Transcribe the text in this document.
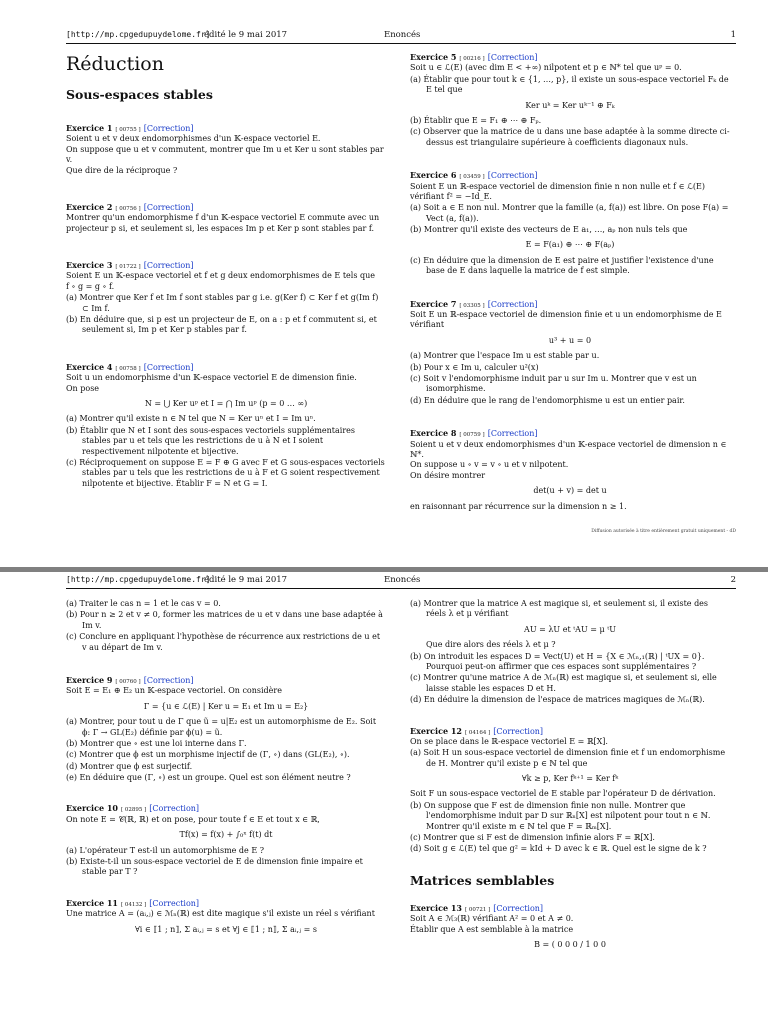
[http://mp.cpgedupuydelome.fr]
édité le 9 mai 2017	Enoncés	1
Réduction
Sous-espaces stables
Exercice 1 [ 00755 ] [Correction]

Soient u et v deux endomorphismes d'un 𝕂-espace vectoriel E.

On suppose que u et v commutent, montrer que Im u et Ker u sont stables par v.

Que dire de la réciproque ?

Exercice 2 [ 00756 ] [Correction]

Montrer qu'un endomorphisme f d'un 𝕂-espace vectoriel E commute avec un

projecteur p si, et seulement si, les espaces Im p et Ker p sont stables par f.

Exercice 3 [ 01722 ] [Correction]

Soient E un 𝕂-espace vectoriel et f et g deux endomorphismes de E tels que

f ∘ g = g ∘ f.

(a) Montrer que Ker f et Im f sont stables par g i.e. g(Ker f) ⊂ Ker f et g(Im f) ⊂ Im f.

(b) En déduire que, si p est un projecteur de E, on a : p et f commutent si, et seulement si, Im p et Ker p stables par f.

Exercice 4 [ 00758 ] [Correction]

Soit u un endomorphisme d'un 𝕂-espace vectoriel E de dimension finie.

On pose

N = ⋃ Ker uᵖ et I = ⋂ Im uᵖ (p = 0 … ∞)

(a) Montrer qu'il existe n ∈ ℕ tel que N = Ker uⁿ et I = Im uⁿ.

(b) Établir que N et I sont des sous-espaces vectoriels supplémentaires stables par u et tels que les restrictions de u à N et I soient respectivement nilpotente et bijective.

(c) Réciproquement on suppose E = F ⊕ G avec F et G sous-espaces vectoriels stables par u tels que les restrictions de u à F et G soient respectivement nilpotente et bijective. Établir F = N et G = I.

Exercice 5 [ 00216 ] [Correction]

Soit u ∈ ℒ(E) (avec dim E < +∞) nilpotent et p ∈ ℕ* tel que uᵖ = 0.

(a) Établir que pour tout k ∈ {1, …, p}, il existe un sous-espace vectoriel Fₖ de E tel que

Ker uᵏ = Ker uᵏ⁻¹ ⊕ Fₖ

(b) Établir que E = F₁ ⊕ ⋯ ⊕ Fₚ.

(c) Observer que la matrice de u dans une base adaptée à la somme directe ci-dessus est triangulaire supérieure à coefficients diagonaux nuls.

Exercice 6 [ 03459 ] [Correction]

Soient E un ℝ-espace vectoriel de dimension finie n non nulle et f ∈ ℒ(E)

vérifiant f² = −Id_E.

(a) Soit a ∈ E non nul. Montrer que la famille (a, f(a)) est libre. On pose F(a) = Vect (a, f(a)).

(b) Montrer qu'il existe des vecteurs de E a₁, …, aₚ non nuls tels que

E = F(a₁) ⊕ ⋯ ⊕ F(aₚ)

(c) En déduire que la dimension de E est paire et justifier l'existence d'une base de E dans laquelle la matrice de f est simple.

Exercice 7 [ 03305 ] [Correction]

Soit E un ℝ-espace vectoriel de dimension finie et u un endomorphisme de E

vérifiant

u³ + u = 0

(a) Montrer que l'espace Im u est stable par u.

(b) Pour x ∈ Im u, calculer u²(x)

(c) Soit v l'endomorphisme induit par u sur Im u. Montrer que v est un isomorphisme.

(d) En déduire que le rang de l'endomorphisme u est un entier pair.

Exercice 8 [ 00759 ] [Correction]

Soient u et v deux endomorphismes d'un 𝕂-espace vectoriel de dimension n ∈ ℕ*.

On suppose u ∘ v = v ∘ u et v nilpotent.

On désire montrer

det(u + v) = det u

en raisonnant par récurrence sur la dimension n ≥ 1.

Diffusion autorisée à titre entièrement gratuit uniquement - dD
[http://mp.cpgedupuydelome.fr]
édité le 9 mai 2017	Enoncés	2

(a) Traiter le cas n = 1 et le cas v = 0.

(b) Pour n ≥ 2 et v ≠ 0, former les matrices de u et v dans une base adaptée à Im v.

(c) Conclure en appliquant l'hypothèse de récurrence aux restrictions de u et v au départ de Im v.

Exercice 9 [ 00760 ] [Correction]

Soit E = E₁ ⊕ E₂ un 𝕂-espace vectoriel. On considère

Γ = {u ∈ ℒ(E) | Ker u = E₁ et Im u = E₂}

(a) Montrer, pour tout u de Γ que ũ = u|E₂ est un automorphisme de E₂. Soit ϕ: Γ → GL(E₂) définie par ϕ(u) = ũ.

(b) Montrer que ∘ est une loi interne dans Γ.

(c) Montrer que ϕ est un morphisme injectif de (Γ, ∘) dans (GL(E₂), ∘).

(d) Montrer que ϕ est surjectif.

(e) En déduire que (Γ, ∘) est un groupe. Quel est son élément neutre ?

Exercice 10 [ 02895 ] [Correction]

On note E = 𝒞(ℝ, ℝ) et on pose, pour toute f ∈ E et tout x ∈ ℝ,

Tf(x) = f(x) + ∫₀ˣ f(t) dt

(a) L'opérateur T est-il un automorphisme de E ?

(b) Existe-t-il un sous-espace vectoriel de E de dimension finie impaire et stable par T ?

Exercice 11 [ 04132 ] [Correction]

Une matrice A = (aᵢ,ⱼ) ∈ ℳₙ(ℝ) est dite magique s'il existe un réel s vérifiant

∀i ∈ ⟦1 ; n⟧, Σ aᵢ,ⱼ = s et ∀j ∈ ⟦1 ; n⟧, Σ aᵢ,ⱼ = s

(a) Montrer que la matrice A est magique si, et seulement si, il existe des réels λ et μ vérifiant

AU = λU et ᵗAU = μ ᵗU

Que dire alors des réels λ et μ ?

(b) On introduit les espaces D = Vect(U) et H = {X ∈ ℳₙ,₁(ℝ) | ᵗUX = 0}. Pourquoi peut-on affirmer que ces espaces sont supplémentaires ?

(c) Montrer qu'une matrice A de ℳₙ(ℝ) est magique si, et seulement si, elle laisse stable les espaces D et H.

(d) En déduire la dimension de l'espace de matrices magiques de ℳₙ(ℝ).

Exercice 12 [ 04164 ] [Correction]

On se place dans le ℝ-espace vectoriel E = ℝ[X].

(a) Soit H un sous-espace vectoriel de dimension finie et f un endomorphisme de H. Montrer qu'il existe p ∈ ℕ tel que

∀k ≥ p, Ker fᵏ⁺¹ = Ker fᵏ

Soit F un sous-espace vectoriel de E stable par l'opérateur D de dérivation.

(b) On suppose que F est de dimension finie non nulle. Montrer que l'endomorphisme induit par D sur ℝₙ[X] est nilpotent pour tout n ∈ ℕ. Montrer qu'il existe m ∈ ℕ tel que F = ℝₘ[X].

(c) Montrer que si F est de dimension infinie alors F = ℝ[X].

(d) Soit g ∈ ℒ(E) tel que g² = kId + D avec k ∈ ℝ. Quel est le signe de k ?

Matrices semblables
Exercice 13 [ 00721 ] [Correction]

Soit A ∈ ℳ₃(ℝ) vérifiant A² = 0 et A ≠ 0.

Établir que A est semblable à la matrice

B = ( 0 0 0 / 1 0 0
